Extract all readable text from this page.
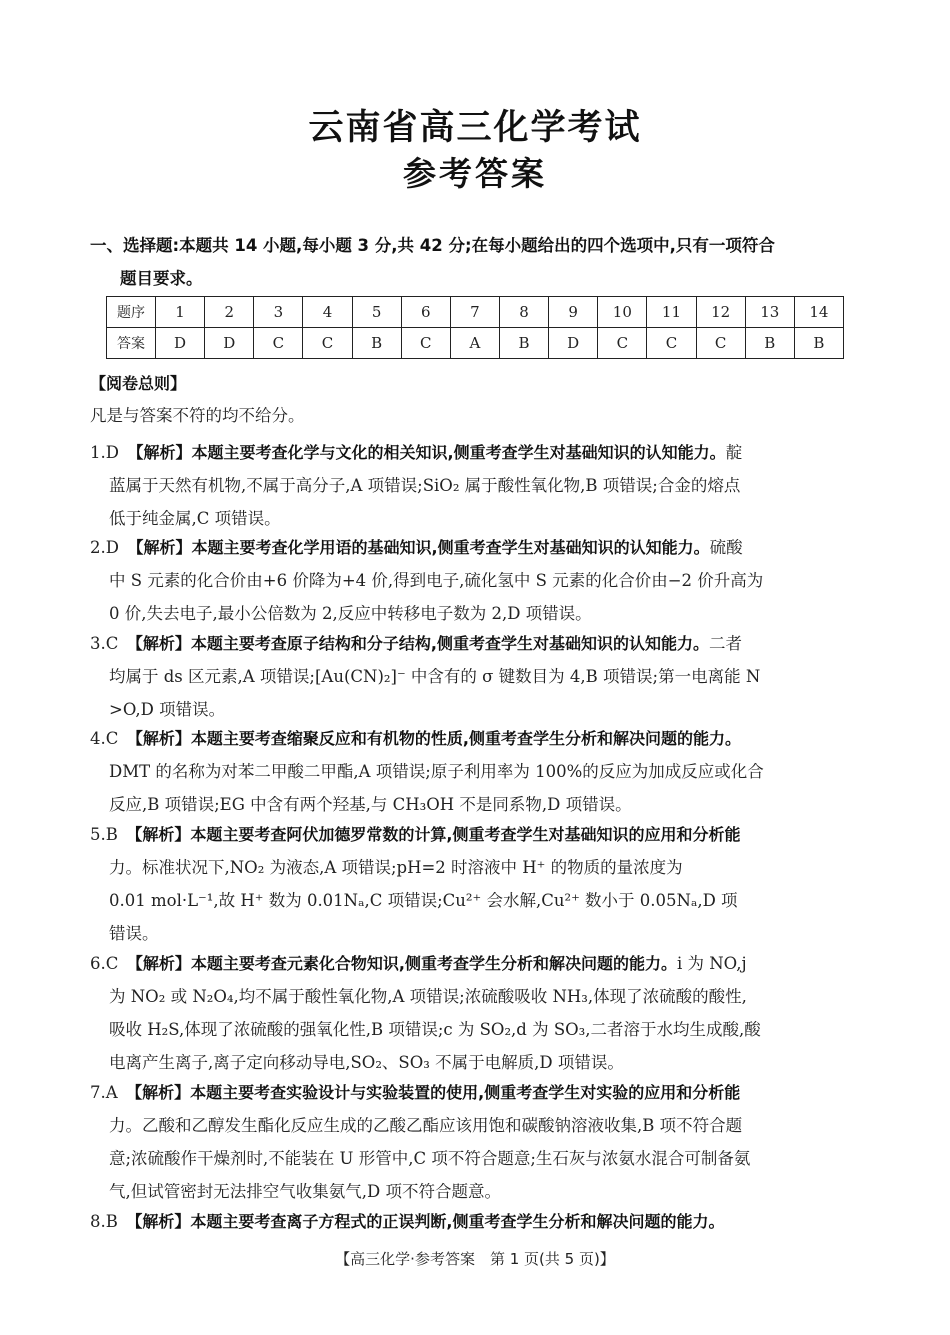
云南省高三化学考试
参考答案
一、选择题:本题共 14 小题,每小题 3 分,共 42 分;在每小题给出的四个选项中,只有一项符合
题目要求。
题序	1	2	3	4	5	6	7	8	9	10	11	12	13	14
答案	D	D	C	C	B	C	A	B	D	C	C	C	B	B
【阅卷总则】
凡是与答案不符的均不给分。
1.D　【解析】本题主要考查化学与文化的相关知识,侧重考查学生对基础知识的认知能力。靛
蓝属于天然有机物,不属于高分子,A 项错误;SiO₂ 属于酸性氧化物,B 项错误;合金的熔点
低于纯金属,C 项错误。
2.D　【解析】本题主要考查化学用语的基础知识,侧重考查学生对基础知识的认知能力。硫酸
中 S 元素的化合价由+6 价降为+4 价,得到电子,硫化氢中 S 元素的化合价由−2 价升高为
0 价,失去电子,最小公倍数为 2,反应中转移电子数为 2,D 项错误。
3.C　【解析】本题主要考查原子结构和分子结构,侧重考查学生对基础知识的认知能力。二者
均属于 ds 区元素,A 项错误;[Au(CN)₂]⁻ 中含有的 σ 键数目为 4,B 项错误;第一电离能 N
>O,D 项错误。
4.C　【解析】本题主要考查缩聚反应和有机物的性质,侧重考查学生分析和解决问题的能力。
DMT 的名称为对苯二甲酸二甲酯,A 项错误;原子利用率为 100%的反应为加成反应或化合
反应,B 项错误;EG 中含有两个羟基,与 CH₃OH 不是同系物,D 项错误。
5.B　【解析】本题主要考查阿伏加德罗常数的计算,侧重考查学生对基础知识的应用和分析能
力。标准状况下,NO₂ 为液态,A 项错误;pH=2 时溶液中 H⁺ 的物质的量浓度为
0.01 mol·L⁻¹,故 H⁺ 数为 0.01Nₐ,C 项错误;Cu²⁺ 会水解,Cu²⁺ 数小于 0.05Nₐ,D 项
错误。
6.C　【解析】本题主要考查元素化合物知识,侧重考查学生分析和解决问题的能力。i 为 NO,j
为 NO₂ 或 N₂O₄,均不属于酸性氧化物,A 项错误;浓硫酸吸收 NH₃,体现了浓硫酸的酸性,
吸收 H₂S,体现了浓硫酸的强氧化性,B 项错误;c 为 SO₂,d 为 SO₃,二者溶于水均生成酸,酸
电离产生离子,离子定向移动导电,SO₂、SO₃ 不属于电解质,D 项错误。
7.A　【解析】本题主要考查实验设计与实验装置的使用,侧重考查学生对实验的应用和分析能
力。乙酸和乙醇发生酯化反应生成的乙酸乙酯应该用饱和碳酸钠溶液收集,B 项不符合题
意;浓硫酸作干燥剂时,不能装在 U 形管中,C 项不符合题意;生石灰与浓氨水混合可制备氨
气,但试管密封无法排空气收集氨气,D 项不符合题意。
8.B　【解析】本题主要考查离子方程式的正误判断,侧重考查学生分析和解决问题的能力。
【高三化学·参考答案　第 1 页(共 5 页)】
